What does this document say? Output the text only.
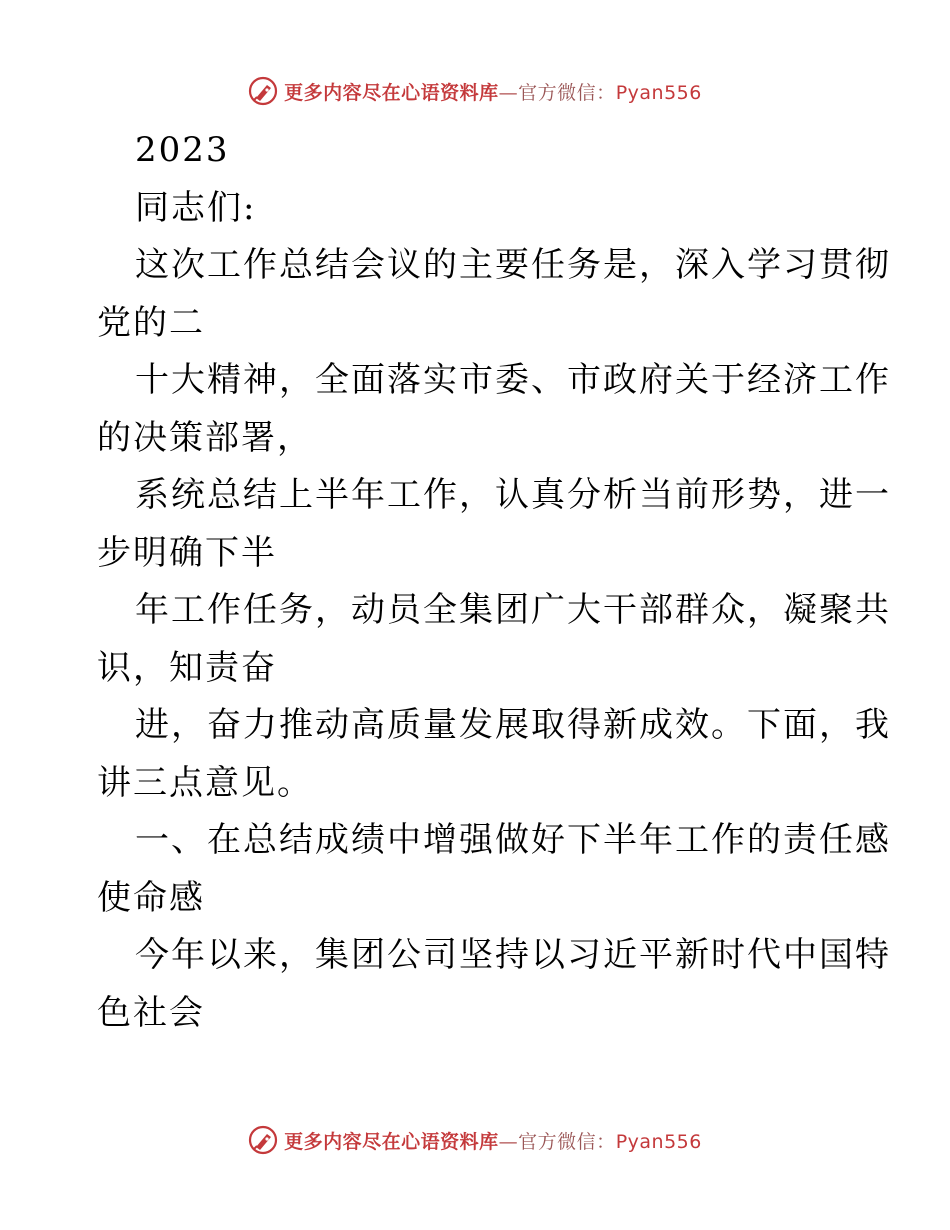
更多内容尽在心语资料库—官方微信：Pyan556
2023
同志们:
这次工作总结会议的主要任务是，深入学习贯彻
党的二
十大精神，全面落实市委、市政府关于经济工作
的决策部署，
系统总结上半年工作，认真分析当前形势，进一
步明确下半
年工作任务，动员全集团广大干部群众，凝聚共
识，知责奋
进，奋力推动高质量发展取得新成效。下面，我
讲三点意见。
一、在总结成绩中增强做好下半年工作的责任感
使命感
今年以来，集团公司坚持以习近平新时代中国特
色社会
更多内容尽在心语资料库—官方微信：Pyan556
